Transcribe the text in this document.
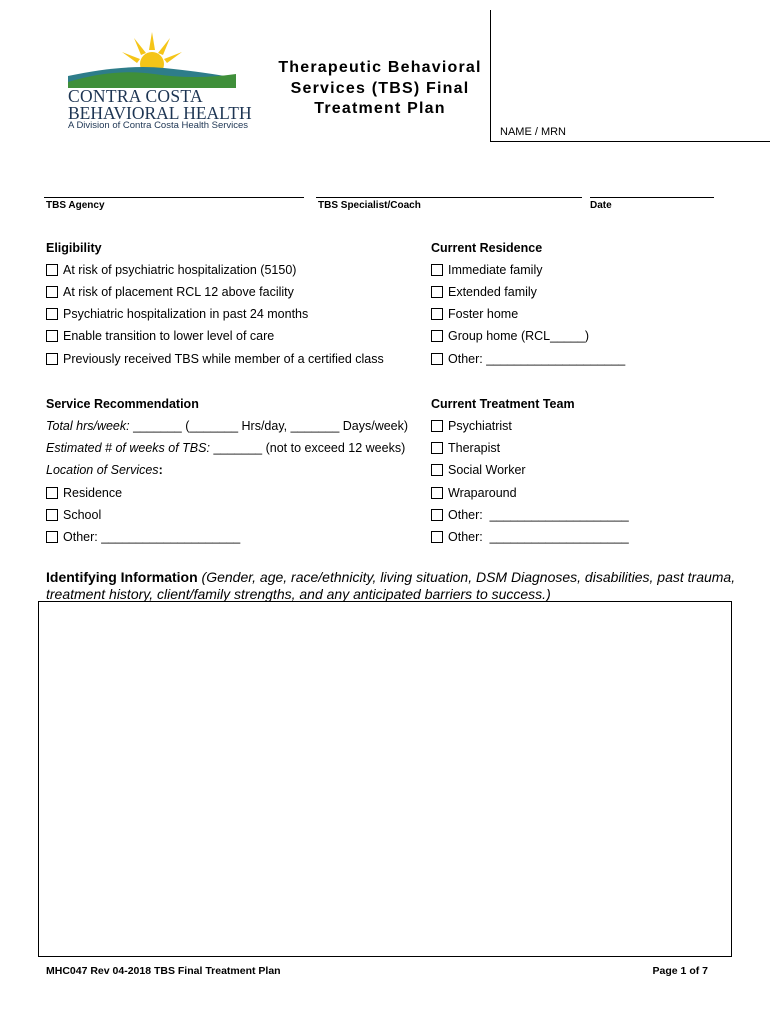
CONTRA COSTA
BEHAVIORAL HEALTH
A Division of Contra Costa Health Services
Therapeutic Behavioral Services (TBS) Final Treatment Plan
NAME / MRN
TBS Agency	TBS Specialist/Coach	Date
Eligibility
At risk of psychiatric hospitalization (5150)
At risk of placement RCL 12 above facility
Psychiatric hospitalization in past 24 months
Enable transition to lower level of care
Previously received TBS while member of a certified class
Current Residence
Immediate family
Extended family
Foster home
Group home (RCL_____)
Other: ____________________
Service Recommendation
Total hrs/week: _______ (_______ Hrs/day, _______ Days/week)
Estimated # of weeks of TBS: _______ (not to exceed 12 weeks)
Location of Services :
Residence
School
Other: ____________________
Current Treatment Team
Psychiatrist
Therapist
Social Worker
Wraparound
Other:  ____________________
Other:  ____________________
Identifying Information (Gender, age, race/ethnicity, living situation, DSM Diagnoses, disabilities, past trauma, treatment history, client/family strengths, and any anticipated barriers to success.)
MHC047 Rev 04-2018 TBS Final Treatment Plan	Page 1 of 7
